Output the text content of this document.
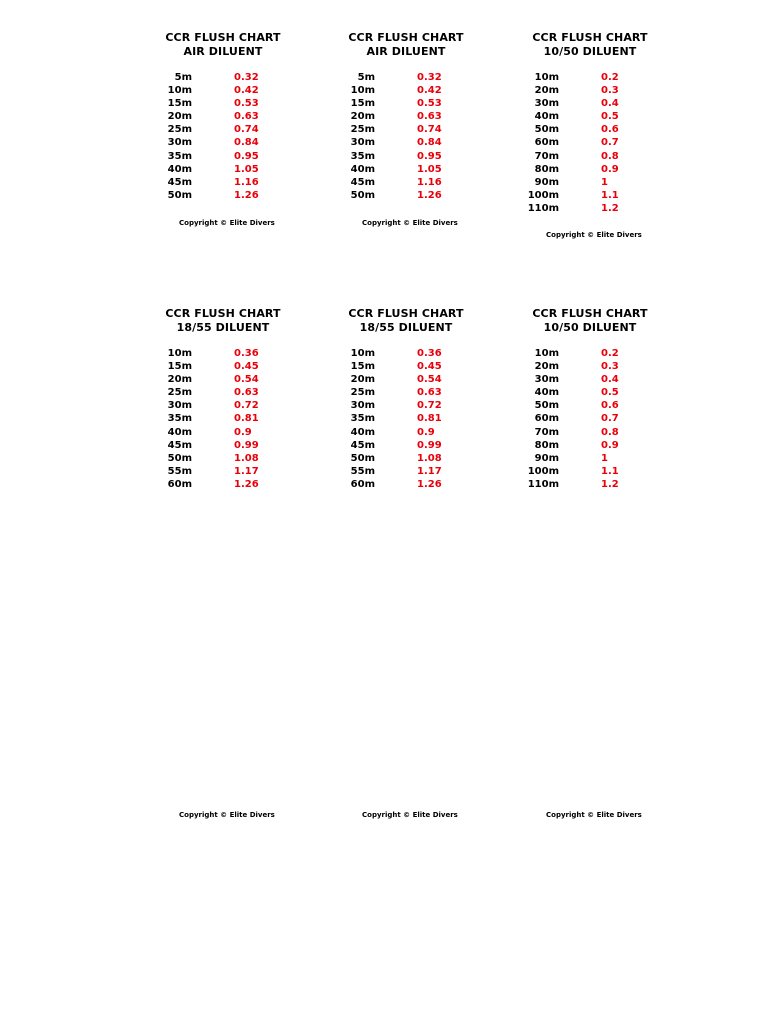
CCR FLUSH CHART
AIR DILUENT
5m	0.32
10m	0.42
15m	0.53
20m	0.63
25m	0.74
30m	0.84
35m	0.95
40m	1.05
45m	1.16
50m	1.26
Copyright © Elite Divers
CCR FLUSH CHART
AIR DILUENT
5m	0.32
10m	0.42
15m	0.53
20m	0.63
25m	0.74
30m	0.84
35m	0.95
40m	1.05
45m	1.16
50m	1.26
Copyright © Elite Divers
CCR FLUSH CHART
10/50 DILUENT
10m	0.2
20m	0.3
30m	0.4
40m	0.5
50m	0.6
60m	0.7
70m	0.8
80m	0.9
90m	1
100m	1.1
110m	1.2
Copyright © Elite Divers
CCR FLUSH CHART
18/55 DILUENT
10m	0.36
15m	0.45
20m	0.54
25m	0.63
30m	0.72
35m	0.81
40m	0.9
45m	0.99
50m	1.08
55m	1.17
60m	1.26
Copyright © Elite Divers
CCR FLUSH CHART
18/55 DILUENT
10m	0.36
15m	0.45
20m	0.54
25m	0.63
30m	0.72
35m	0.81
40m	0.9
45m	0.99
50m	1.08
55m	1.17
60m	1.26
Copyright © Elite Divers
CCR FLUSH CHART
10/50 DILUENT
10m	0.2
20m	0.3
30m	0.4
40m	0.5
50m	0.6
60m	0.7
70m	0.8
80m	0.9
90m	1
100m	1.1
110m	1.2
Copyright © Elite Divers
